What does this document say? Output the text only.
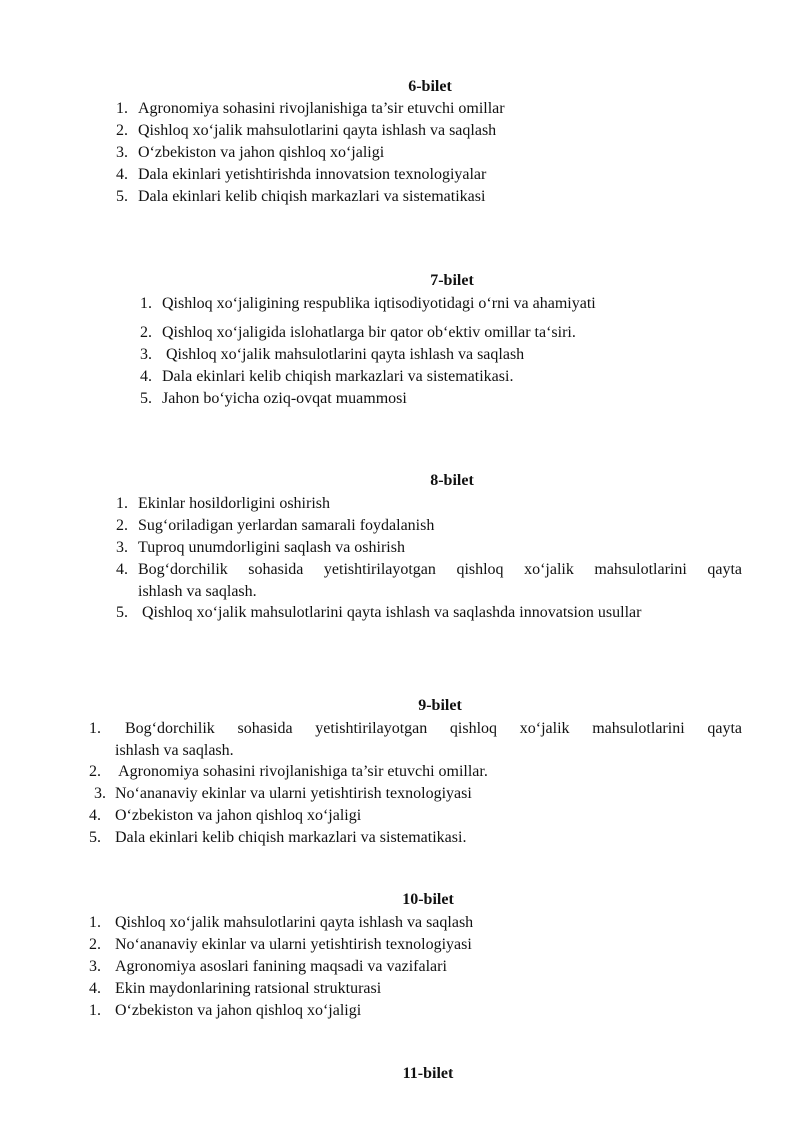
6-bilet
1. Agronomiya sohasini rivojlanishiga ta’sir etuvchi omillar
2. Qishloq xo‘jalik mahsulotlarini qayta ishlash va saqlash
3. O‘zbekiston va jahon qishloq xo‘jaligi
4. Dala ekinlari yetishtirishda innovatsion texnologiyalar
5. Dala ekinlari kelib chiqish markazlari va sistematikasi
7-bilet
1. Qishloq xo‘jaligining respublika iqtisodiyotidagi o‘rni va ahamiyati
2. Qishloq xo‘jaligida islohatlarga bir qator ob‘ektiv omillar ta‘siri.
3. Qishloq xo‘jalik mahsulotlarini qayta ishlash va saqlash
4. Dala ekinlari kelib chiqish markazlari va sistematikasi.
5. Jahon bo‘yicha oziq-ovqat muammosi
8-bilet
1. Ekinlar hosildorligini oshirish
2. Sug‘oriladigan yerlardan samarali foydalanish
3. Tuproq unumdorligini saqlash va oshirish
4. Bog‘dorchilik sohasida yetishtirilayotgan qishloq xo‘jalik mahsulotlarini qayta
ishlash va saqlash.
5. Qishloq xo‘jalik mahsulotlarini qayta ishlash va saqlashda innovatsion usullar
9-bilet
1. Bog‘dorchilik sohasida yetishtirilayotgan qishloq xo‘jalik mahsulotlarini qayta
ishlash va saqlash.
2. Agronomiya sohasini rivojlanishiga ta’sir etuvchi omillar.
3. No‘ananaviy ekinlar va ularni yetishtirish texnologiyasi
4. O‘zbekiston va jahon qishloq xo‘jaligi
5. Dala ekinlari kelib chiqish markazlari va sistematikasi.
10-bilet
1. Qishloq xo‘jalik mahsulotlarini qayta ishlash va saqlash
2. No‘ananaviy ekinlar va ularni yetishtirish texnologiyasi
3. Agronomiya asoslari fanining maqsadi va vazifalari
4. Ekin maydonlarining ratsional strukturasi
1. O‘zbekiston va jahon qishloq xo‘jaligi
11-bilet
